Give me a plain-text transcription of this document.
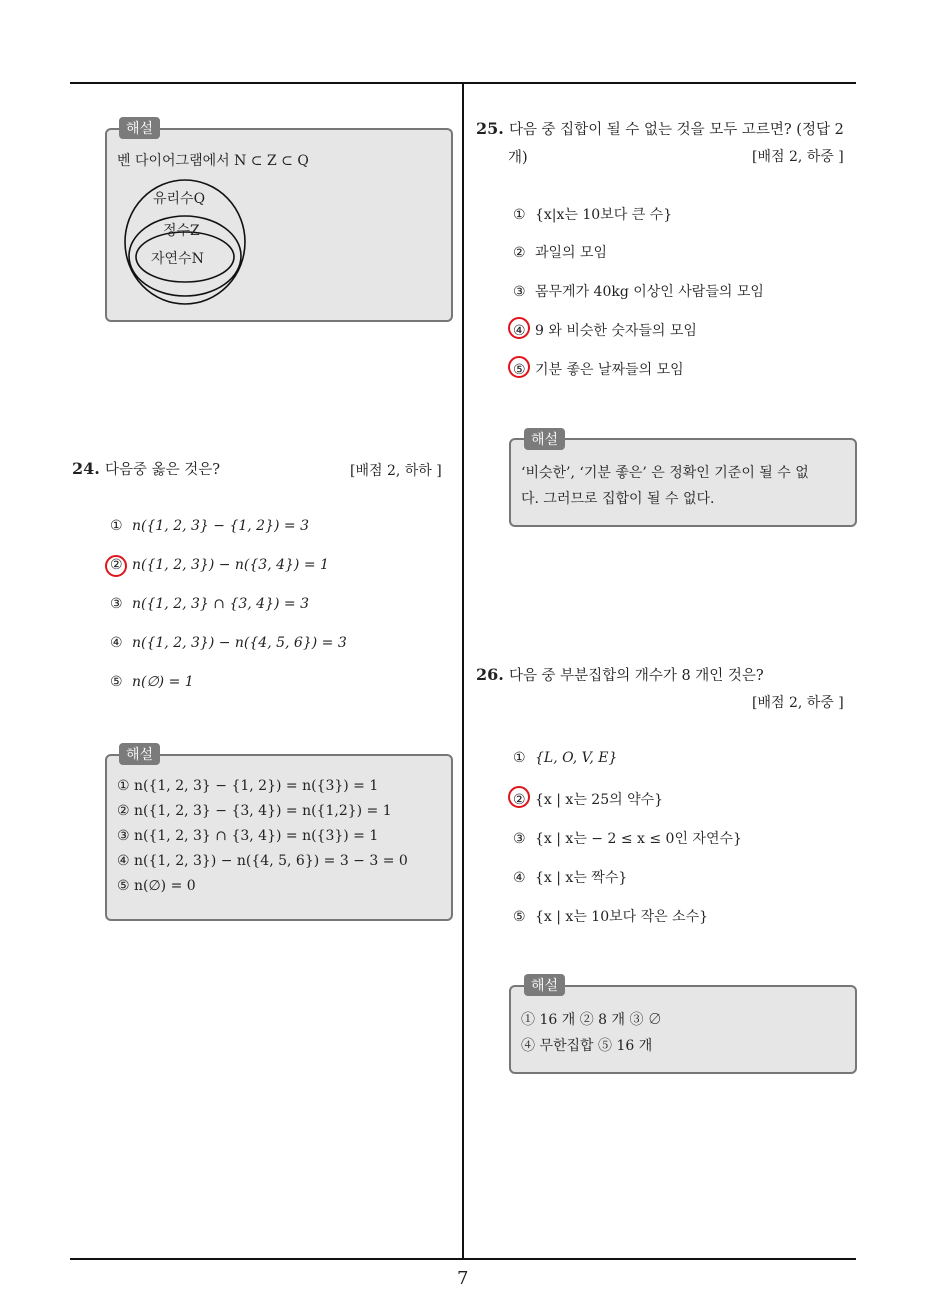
7
벤 다이어그램에서 N ⊂ Z ⊂ Q
유리수Q
정수Z
자연수N
해설
24. 다음중 옳은 것은?	[배점 2, 하하 ]
① n({1, 2, 3} − {1, 2}) = 3
② n({1, 2, 3}) − n({3, 4}) = 1
③ n({1, 2, 3} ∩ {3, 4}) = 3
④ n({1, 2, 3}) − n({4, 5, 6}) = 3
⑤ n(∅) = 1
① n({1, 2, 3} − {1, 2}) = n({3}) = 1
② n({1, 2, 3} − {3, 4}) = n({1,2}) = 1
③ n({1, 2, 3} ∩ {3, 4}) = n({3}) = 1
④ n({1, 2, 3}) − n({4, 5, 6}) = 3 − 3 = 0
⑤ n(∅) = 0
해설
25. 다음 중 집합이 될 수 없는 것을 모두 고르면? (정답 2
개)	[배점 2, 하중 ]
① {x|x는 10보다 큰 수}
② 과일의 모임
③ 몸무게가 40kg 이상인 사람들의 모임
④ 9 와 비슷한 숫자들의 모임
⑤ 기분 좋은 날짜들의 모임
‘비슷한’, ‘기분 좋은’ 은 정확인 기준이 될 수 없
다. 그러므로 집합이 될 수 없다.
해설
26. 다음 중 부분집합의 개수가 8 개인 것은?
[배점 2, 하중 ]
① {L, O, V, E}
② {x | x는 25의 약수}
③ {x | x는 − 2 ≤ x ≤ 0인 자연수}
④ {x | x는 짝수}
⑤ {x | x는 10보다 작은 소수}
① 16 개 ② 8 개 ③ ∅
④ 무한집합 ⑤ 16 개
해설
